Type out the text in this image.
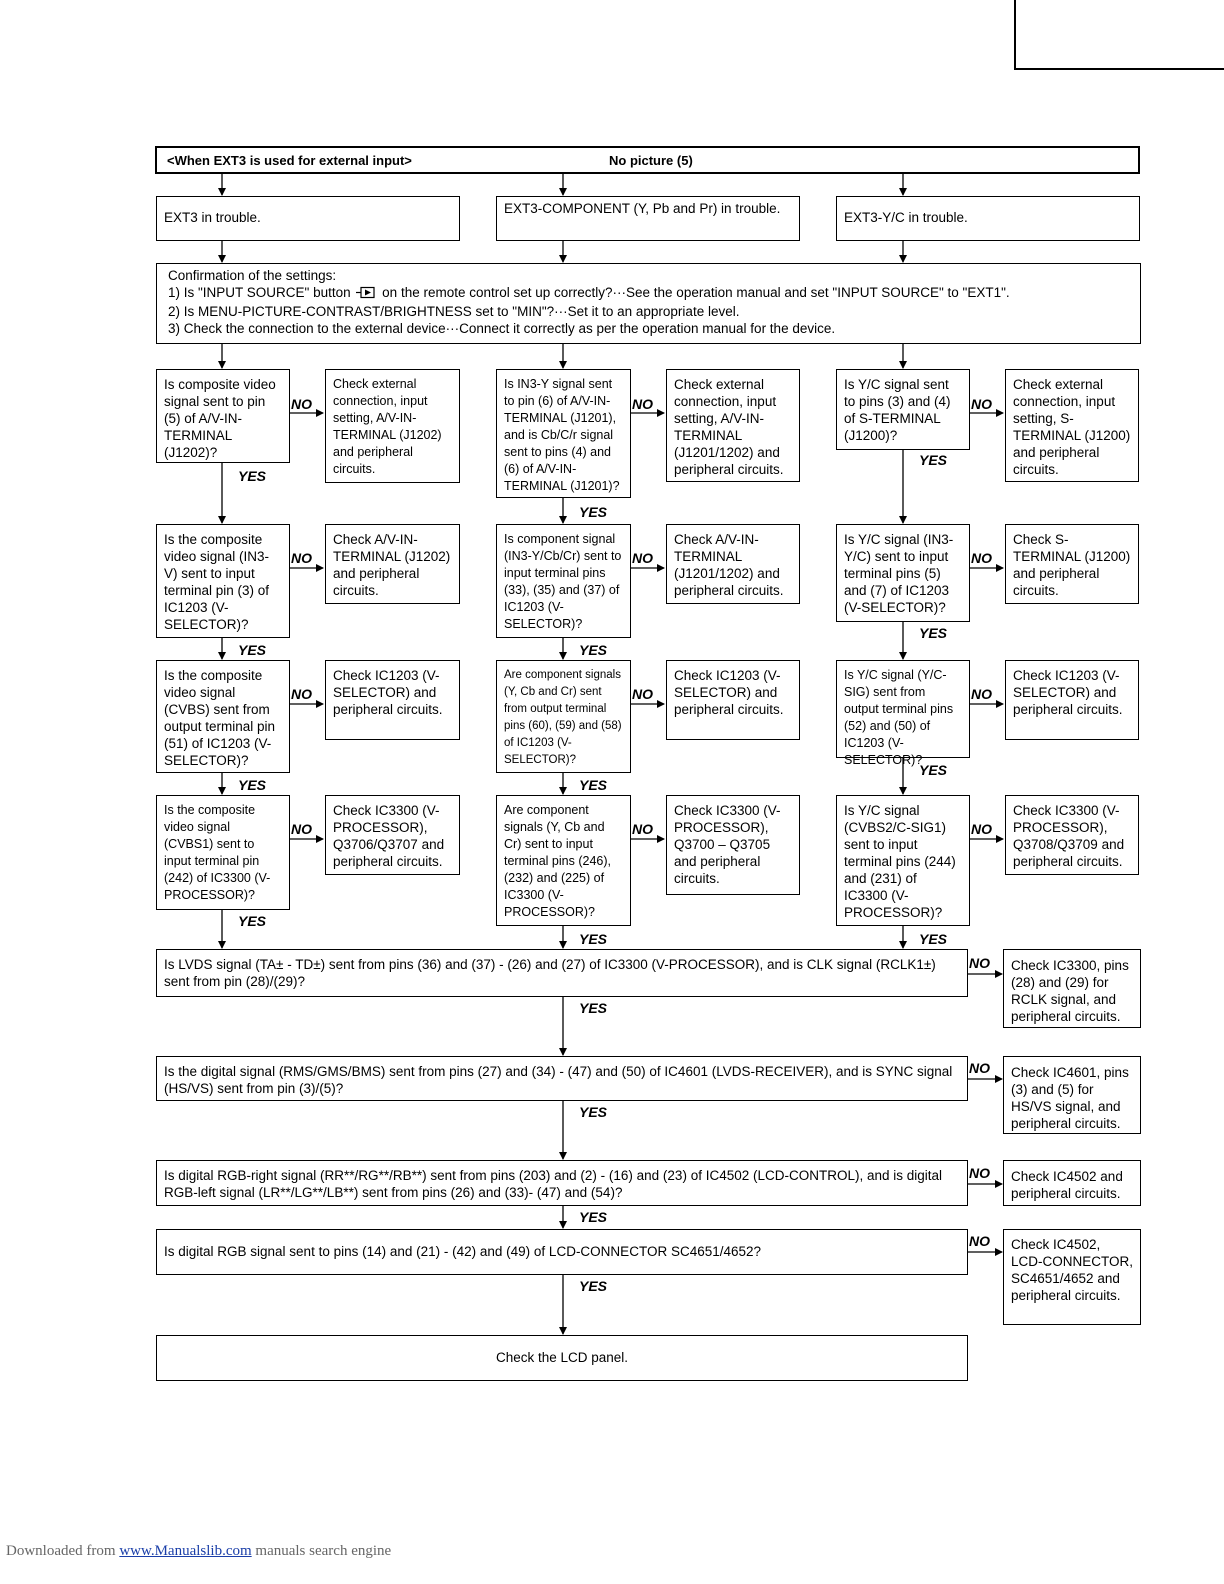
<When EXT3 is used for external input>	No picture (5)
EXT3 in trouble.
EXT3-COMPONENT (Y, Pb and Pr) in trouble.
EXT3-Y/C in trouble.
Confirmation of the settings:
1) Is "INPUT SOURCE" button on the remote control set up correctly?···See the operation manual and set "INPUT SOURCE" to "EXT1".
2) Is MENU-PICTURE-CONTRAST/BRIGHTNESS set to "MIN"?···Set it to an appropriate level.
3) Check the connection to the external device···Connect it correctly as per the operation manual for the device.
Is composite video signal sent to pin (5) of A/V-IN-TERMINAL (J1202)?
Check external connection, input setting, A/V-IN-TERMINAL (J1202) and peripheral circuits.
Is the composite video signal (IN3-V) sent to input terminal pin (3) of IC1203 (V-SELECTOR)?
Check A/V-IN-TERMINAL (J1202) and peripheral circuits.
Is the composite video signal (CVBS) sent from output terminal pin (51) of IC1203 (V-SELECTOR)?
Check IC1203 (V-SELECTOR) and peripheral circuits.
Is the composite video signal (CVBS1) sent to input terminal pin (242) of IC3300 (V-PROCESSOR)?
Check IC3300 (V-PROCESSOR), Q3706/Q3707 and peripheral circuits.
Is IN3-Y signal sent to pin (6) of A/V-IN-TERMINAL (J1201), and is Cb/C/r signal sent to pins (4) and (6) of A/V-IN-TERMINAL (J1201)?
Check external connection, input setting, A/V-IN-TERMINAL (J1201/1202) and peripheral circuits.
Is component signal (IN3-Y/Cb/Cr) sent to input terminal pins (33), (35) and (37) of IC1203 (V-SELECTOR)?
Check A/V-IN-TERMINAL (J1201/1202) and peripheral circuits.
Are component signals (Y, Cb and Cr) sent from output terminal pins (60), (59) and (58) of IC1203 (V-SELECTOR)?
Check IC1203 (V-SELECTOR) and peripheral circuits.
Are component signals (Y, Cb and Cr) sent to input terminal pins (246), (232) and (225) of IC3300 (V-PROCESSOR)?
Check IC3300 (V-PROCESSOR), Q3700 – Q3705 and peripheral circuits.
Is Y/C signal sent to pins (3) and (4) of S-TERMINAL (J1200)?
Check external connection, input setting, S-TERMINAL (J1200) and peripheral circuits.
Is Y/C signal (IN3-Y/C) sent to input terminal pins (5) and (7) of IC1203 (V-SELECTOR)?
Check S-TERMINAL (J1200) and peripheral circuits.
Is Y/C signal (Y/C-SIG) sent from output terminal pins (52) and (50) of IC1203 (V-SELECTOR)?
Check IC1203 (V-SELECTOR) and peripheral circuits.
Is Y/C signal (CVBS2/C-SIG1) sent to input terminal pins (244) and (231) of IC3300 (V-PROCESSOR)?
Check IC3300 (V-PROCESSOR), Q3708/Q3709 and peripheral circuits.
Is LVDS signal (TA± - TD±) sent from pins (36) and (37) - (26) and (27) of IC3300 (V-PROCESSOR), and is CLK signal (RCLK1±) sent from pin (28)/(29)?
Check IC3300, pins (28) and (29) for RCLK signal, and peripheral circuits.
Is the digital signal (RMS/GMS/BMS) sent from pins (27) and (34) - (47) and (50) of IC4601 (LVDS-RECEIVER), and is SYNC signal (HS/VS) sent from pin (3)/(5)?
Check IC4601, pins (3) and (5) for HS/VS signal, and peripheral circuits.
Is digital RGB-right signal (RR**/RG**/RB**) sent from pins (203) and (2) - (16) and (23) of IC4502 (LCD-CONTROL), and is digital RGB-left signal (LR**/LG**/LB**) sent from pins (26) and (33)- (47) and (54)?
Check IC4502 and peripheral circuits.
Is digital RGB signal sent to pins (14) and (21) - (42) and (49) of LCD-CONNECTOR SC4651/4652?	Check IC4502, LCD-CONNECTOR, SC4651/4652 and peripheral circuits.
Check the LCD panel.
NO
NO
NO
NO
NO
NO
NO
NO
NO
NO
NO
NO
NO
NO
NO
NO
YES
YES
YES
YES
YES
YES
YES
YES
YES
YES
YES
YES
YES
YES
YES
YES
Downloaded from www.Manualslib.com manuals search engine
